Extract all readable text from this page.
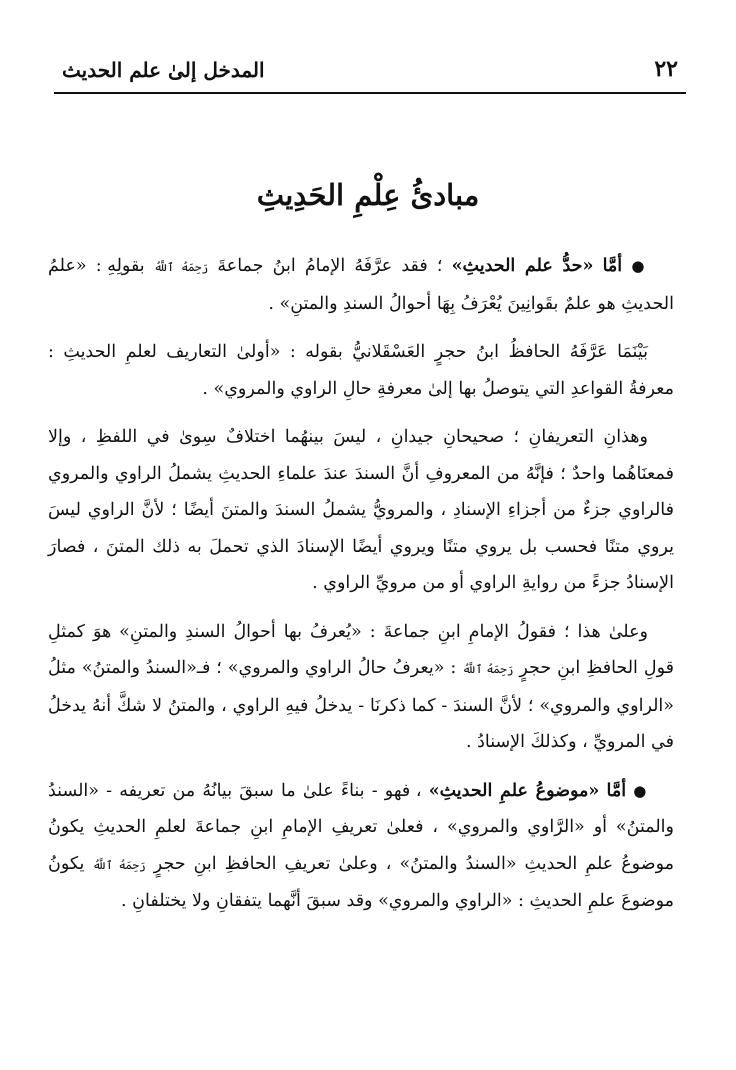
المدخل إلىٰ علم الحديث	٢٢
مبادئُ عِلْمِ الحَدِيثِ

● أمَّا «حدُّ علم الحديثِ» ؛ فقد عرَّفَهُ الإمامُ ابنُ جماعةَ رَحِمَهُ ٱللَّهُ بقولِهِ : «علمُ الحديثِ هو علمٌ بقَوانِينَ يُعْرَفُ بِهَا أحوالُ السندِ والمتنِ» .

بَيْنَمَا عَرَّفَهُ الحافظُ ابنُ حجرٍ العَسْقَلانيُّ بقوله : «أولىٰ التعاريف لعلمِ الحديثِ : معرفةُ القواعدِ التي يتوصلُ بها إلىٰ معرفةِ حالِ الراوي والمروي» .

وهذانِ التعريفانِ ؛ صحيحانِ جيدانِ ، ليسَ بينهُما اختلافٌ سِوىٰ في اللفظِ ، وإلا فمعنَاهُما واحدٌ ؛ فإنَّهُ من المعروفِ أنَّ السندَ عندَ علماءِ الحديثِ يشملُ الراوي والمروي فالراوي جزءٌ من أجزاءِ الإسنادِ ، والمرويُّ يشملُ السندَ والمتنَ أيضًا ؛ لأنَّ الراوي ليسَ يروي متنًا فحسب بل يروي متنًا ويروي أيضًا الإسنادَ الذي تحملَ به ذلك المتنَ ، فصارَ الإسنادُ جزءً من روايةِ الراوي أو من مرويِّ الراوي .

وعلىٰ هذا ؛ فقولُ الإمامِ ابنِ جماعةَ : «يُعرفُ بها أحوالُ السندِ والمتنِ» هوَ كمثلِ قولِ الحافظِ ابنِ حجرٍ رَحِمَهُ ٱللَّهُ : «يعرفُ حالُ الراوي والمروي» ؛ فـ«السندُ والمتنُ» مثلُ «الراوي والمروي» ؛ لأنَّ السندَ - كما ذكرنَا - يدخلُ فيهِ الراوي ، والمتنُ لا شكَّ أنهُ يدخلُ في المرويِّ ، وكذلكَ الإسنادُ .

● أمَّا «موضوعُ علمِ الحديثِ» ، فهو - بناءً علىٰ ما سبقَ بيانُهُ من تعريفه - «السندُ والمتنُ» أو «الرَّاوي والمروي» ، فعلىٰ تعريفِ الإمامِ ابنِ جماعةَ لعلمِ الحديثِ يكونُ موضوعُ علمِ الحديثِ «السندُ والمتنُ» ، وعلىٰ تعريفِ الحافظِ ابنِ حجرٍ رَحِمَهُ ٱللَّهُ يكونُ موضوعَ علمِ الحديثِ : «الراوي والمروي» وقد سبقَ أنَّهما يتفقانِ ولا يختلفانِ .
